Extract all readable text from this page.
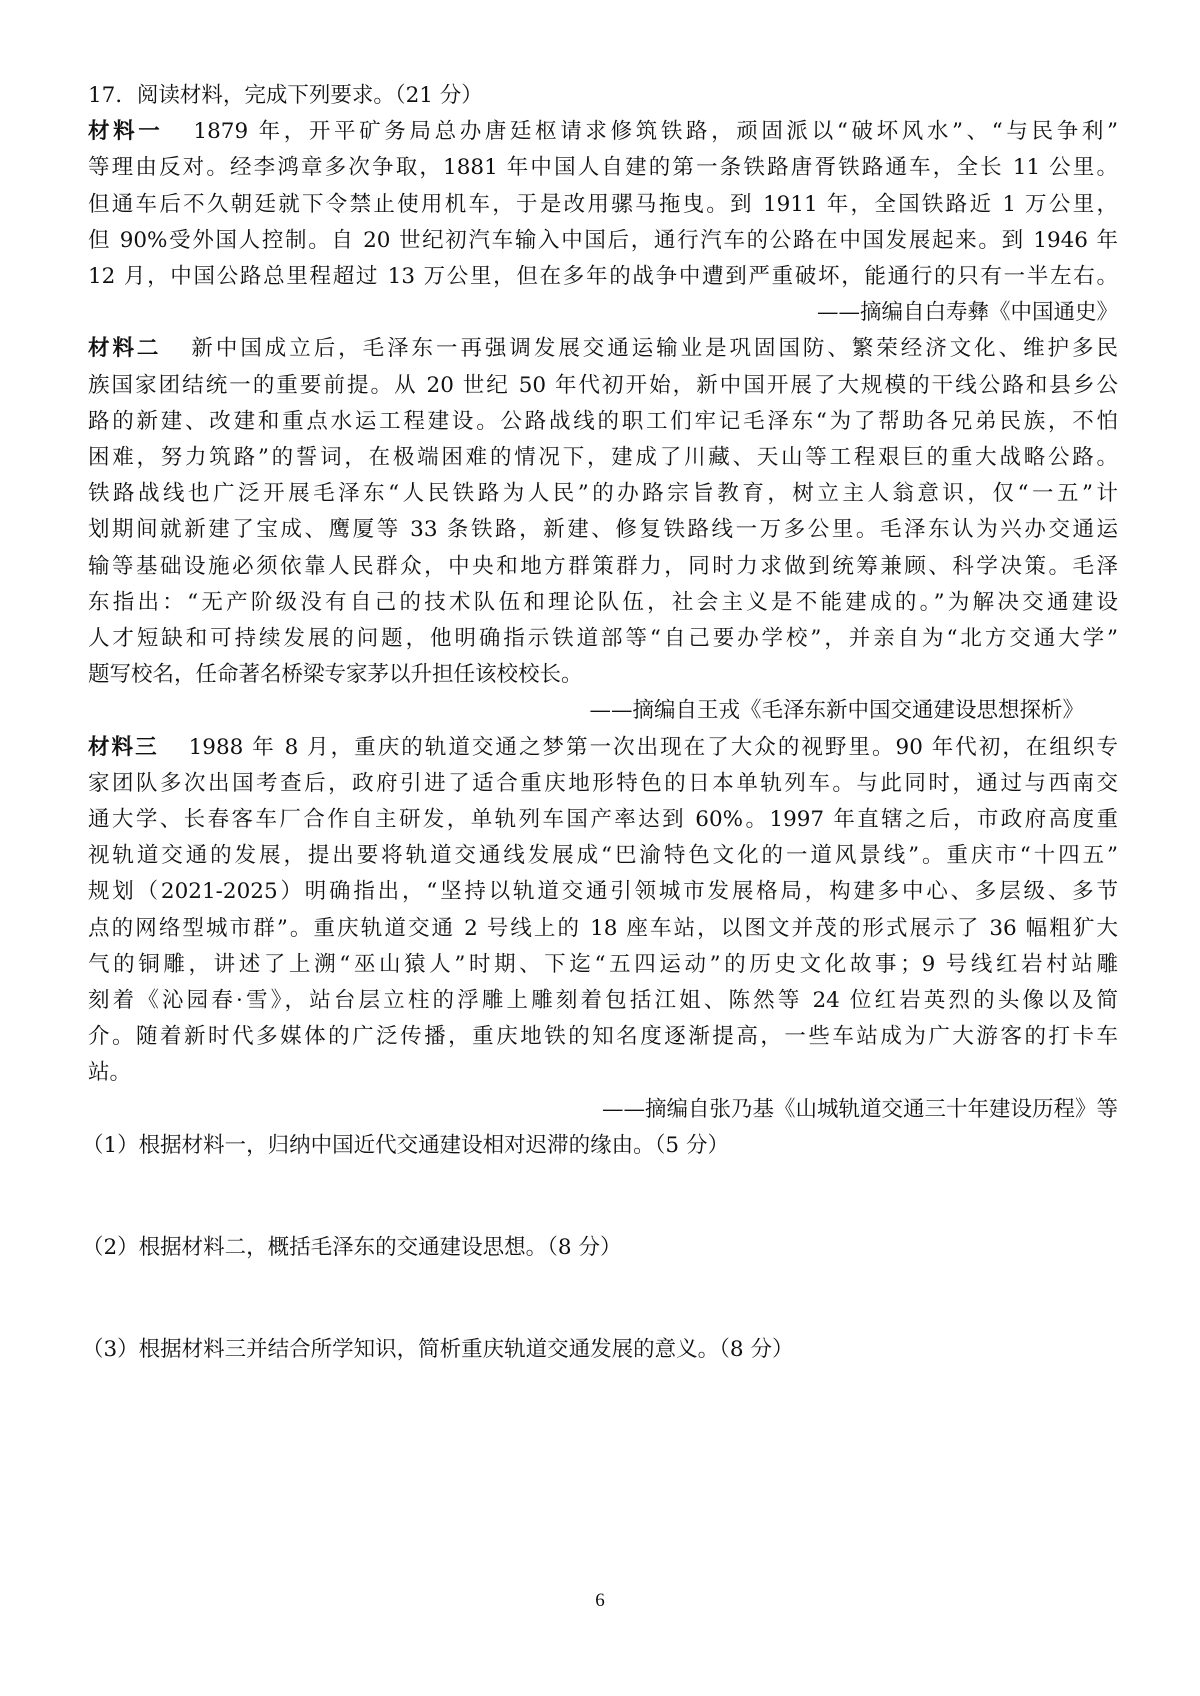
17．阅读材料，完成下列要求。（21 分）
材料一 1879 年，开平矿务局总办唐廷枢请求修筑铁路，顽固派以“破坏风水”、“与民争利”
等理由反对。经李鸿章多次争取，1881 年中国人自建的第一条铁路唐胥铁路通车，全长 11 公里。
但通车后不久朝廷就下令禁止使用机车，于是改用骡马拖曳。到 1911 年，全国铁路近 1 万公里，
但 90%受外国人控制。自 20 世纪初汽车输入中国后，通行汽车的公路在中国发展起来。到 1946 年
12 月，中国公路总里程超过 13 万公里，但在多年的战争中遭到严重破坏，能通行的只有一半左右。
——摘编自白寿彝《中国通史》
材料二 新中国成立后，毛泽东一再强调发展交通运输业是巩固国防、繁荣经济文化、维护多民
族国家团结统一的重要前提。从 20 世纪 50 年代初开始，新中国开展了大规模的干线公路和县乡公
路的新建、改建和重点水运工程建设。公路战线的职工们牢记毛泽东“为了帮助各兄弟民族，不怕
困难，努力筑路”的誓词，在极端困难的情况下，建成了川藏、天山等工程艰巨的重大战略公路。
铁路战线也广泛开展毛泽东“人民铁路为人民”的办路宗旨教育，树立主人翁意识，仅“一五”计
划期间就新建了宝成、鹰厦等 33 条铁路，新建、修复铁路线一万多公里。毛泽东认为兴办交通运
输等基础设施必须依靠人民群众，中央和地方群策群力，同时力求做到统筹兼顾、科学决策。毛泽
东指出：“无产阶级没有自己的技术队伍和理论队伍，社会主义是不能建成的。”为解决交通建设
人才短缺和可持续发展的问题，他明确指示铁道部等“自己要办学校”，并亲自为“北方交通大学”
题写校名，任命著名桥梁专家茅以升担任该校校长。
——摘编自王戎《毛泽东新中国交通建设思想探析》
材料三 1988 年 8 月，重庆的轨道交通之梦第一次出现在了大众的视野里。90 年代初，在组织专
家团队多次出国考查后，政府引进了适合重庆地形特色的日本单轨列车。与此同时，通过与西南交
通大学、长春客车厂合作自主研发，单轨列车国产率达到 60%。1997 年直辖之后，市政府高度重
视轨道交通的发展，提出要将轨道交通线发展成“巴渝特色文化的一道风景线”。重庆市“十四五”
规划（2021-2025）明确指出，“坚持以轨道交通引领城市发展格局，构建多中心、多层级、多节
点的网络型城市群”。重庆轨道交通 2 号线上的 18 座车站，以图文并茂的形式展示了 36 幅粗犷大
气的铜雕，讲述了上溯“巫山猿人”时期、下迄“五四运动”的历史文化故事；9 号线红岩村站雕
刻着《沁园春·雪》，站台层立柱的浮雕上雕刻着包括江姐、陈然等 24 位红岩英烈的头像以及简
介。随着新时代多媒体的广泛传播，重庆地铁的知名度逐渐提高，一些车站成为广大游客的打卡车
站。
——摘编自张乃基《山城轨道交通三十年建设历程》等
（1）根据材料一，归纳中国近代交通建设相对迟滞的缘由。（5 分）
（2）根据材料二，概括毛泽东的交通建设思想。（8 分）
（3）根据材料三并结合所学知识，简析重庆轨道交通发展的意义。（8 分）
6
